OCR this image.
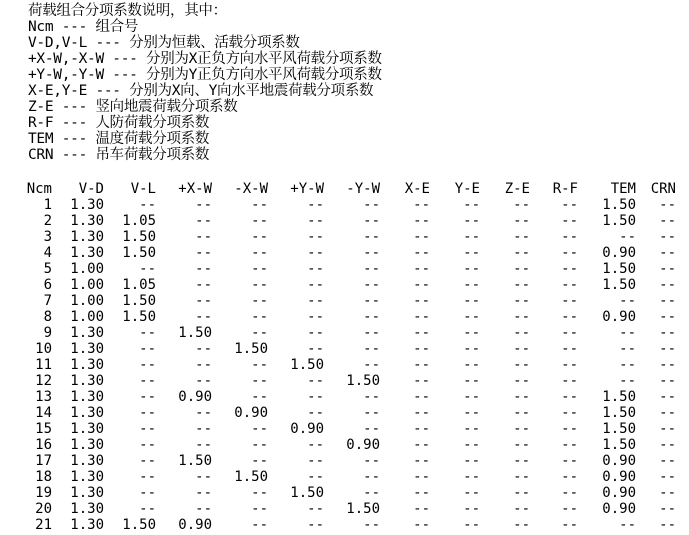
荷载组合分项系数说明，其中：
Ncm --- 组合号
V-D,V-L --- 分别为恒载、活载分项系数
+X-W,-X-W --- 分别为X正负方向水平风荷载分项系数
+Y-W,-Y-W --- 分别为Y正负方向水平风荷载分项系数
X-E,Y-E --- 分别为X向、Y向水平地震荷载分项系数
Z-E --- 竖向地震荷载分项系数
R-F --- 人防荷载分项系数
TEM --- 温度荷载分项系数
CRN --- 吊车荷载分项系数
Ncm	V-D	V-L	+X-W	-X-W	+Y-W	-Y-W	X-E	Y-E	Z-E	R-F	TEM	CRN
1	1.30	--	--	--	--	--	--	--	--	--	1.50	--
2	1.30	1.05	--	--	--	--	--	--	--	--	1.50	--
3	1.30	1.50	--	--	--	--	--	--	--	--	--	--
4	1.30	1.50	--	--	--	--	--	--	--	--	0.90	--
5	1.00	--	--	--	--	--	--	--	--	--	1.50	--
6	1.00	1.05	--	--	--	--	--	--	--	--	1.50	--
7	1.00	1.50	--	--	--	--	--	--	--	--	--	--
8	1.00	1.50	--	--	--	--	--	--	--	--	0.90	--
9	1.30	--	1.50	--	--	--	--	--	--	--	--	--
10	1.30	--	--	1.50	--	--	--	--	--	--	--	--
11	1.30	--	--	--	1.50	--	--	--	--	--	--	--
12	1.30	--	--	--	--	1.50	--	--	--	--	--	--
13	1.30	--	0.90	--	--	--	--	--	--	--	1.50	--
14	1.30	--	--	0.90	--	--	--	--	--	--	1.50	--
15	1.30	--	--	--	0.90	--	--	--	--	--	1.50	--
16	1.30	--	--	--	--	0.90	--	--	--	--	1.50	--
17	1.30	--	1.50	--	--	--	--	--	--	--	0.90	--
18	1.30	--	--	1.50	--	--	--	--	--	--	0.90	--
19	1.30	--	--	--	1.50	--	--	--	--	--	0.90	--
20	1.30	--	--	--	--	1.50	--	--	--	--	0.90	--
21	1.30	1.50	0.90	--	--	--	--	--	--	--	--	--
